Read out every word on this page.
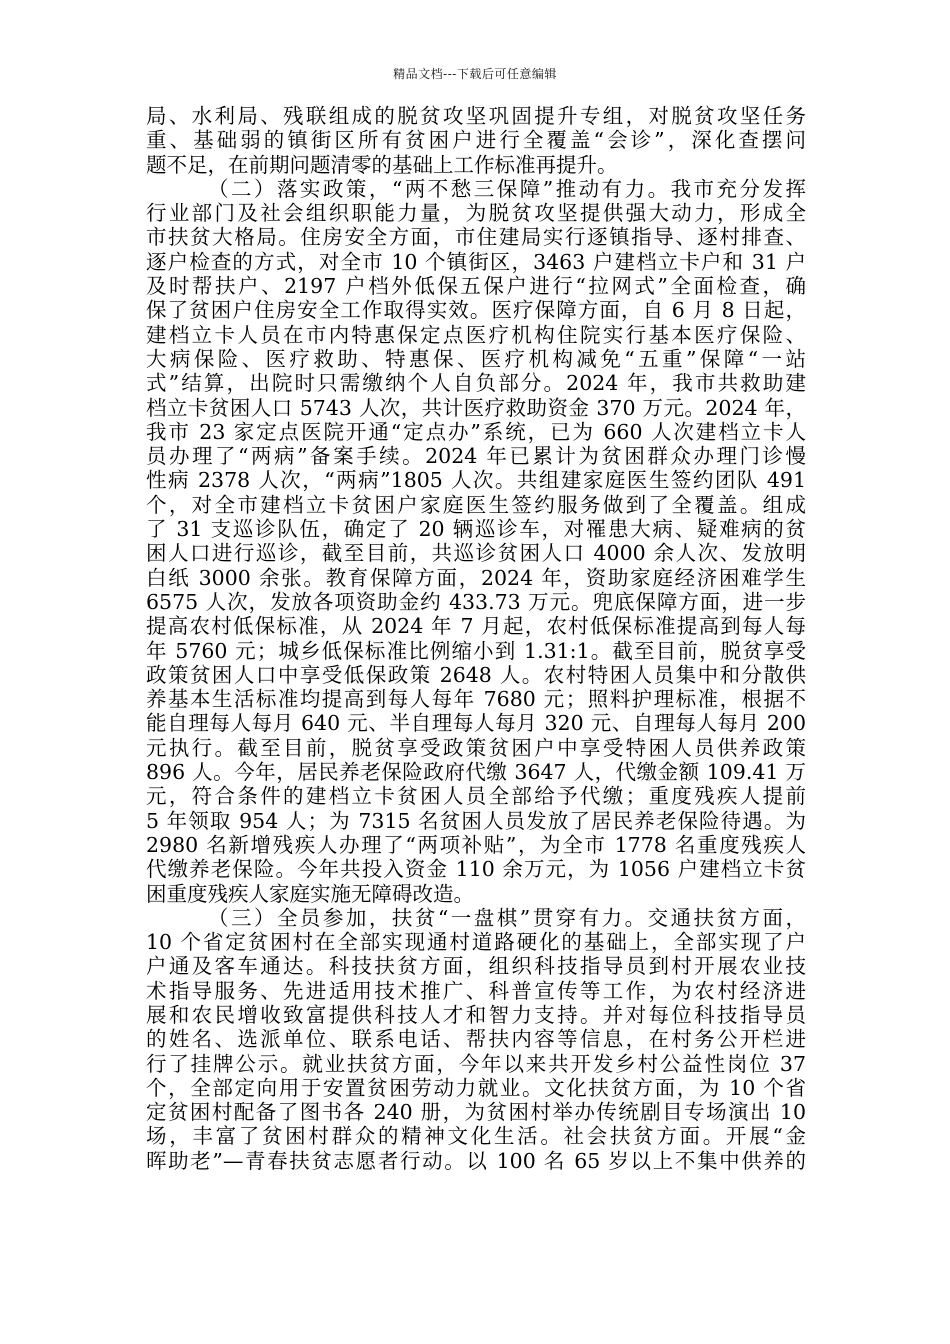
精品文档---下载后可任意编辑
局、水利局、残联组成的脱贫攻坚巩固提升专组，对脱贫攻坚任务
重、基础弱的镇街区所有贫困户进行全覆盖“会诊”，深化查摆问
题不足，在前期问题清零的基础上工作标准再提升。
（二）落实政策，“两不愁三保障”推动有力。我市充分发挥
行业部门及社会组织职能力量，为脱贫攻坚提供强大动力，形成全
市扶贫大格局。住房安全方面，市住建局实行逐镇指导、逐村排查、
逐户检查的方式，对全市 10 个镇街区，3463 户建档立卡户和 31 户
及时帮扶户、2197 户档外低保五保户进行“拉网式”全面检查，确
保了贫困户住房安全工作取得实效。医疗保障方面，自 6 月 8 日起，
建档立卡人员在市内特惠保定点医疗机构住院实行基本医疗保险、
大病保险、医疗救助、特惠保、医疗机构减免“五重”保障“一站
式”结算，出院时只需缴纳个人自负部分。2024 年，我市共救助建
档立卡贫困人口 5743 人次，共计医疗救助资金 370 万元。2024 年，
我市 23 家定点医院开通“定点办”系统，已为 660 人次建档立卡人
员办理了“两病”备案手续。2024 年已累计为贫困群众办理门诊慢
性病 2378 人次，“两病”1805 人次。共组建家庭医生签约团队 491
个，对全市建档立卡贫困户家庭医生签约服务做到了全覆盖。组成
了 31 支巡诊队伍，确定了 20 辆巡诊车，对罹患大病、疑难病的贫
困人口进行巡诊，截至目前，共巡诊贫困人口 4000 余人次、发放明
白纸 3000 余张。教育保障方面，2024 年，资助家庭经济困难学生
6575 人次，发放各项资助金约 433.73 万元。兜底保障方面，进一步
提高农村低保标准，从 2024 年 7 月起，农村低保标准提高到每人每
年 5760 元；城乡低保标准比例缩小到 1.31:1。截至目前，脱贫享受
政策贫困人口中享受低保政策 2648 人。农村特困人员集中和分散供
养基本生活标准均提高到每人每年 7680 元；照料护理标准，根据不
能自理每人每月 640 元、半自理每人每月 320 元、自理每人每月 200
元执行。截至目前，脱贫享受政策贫困户中享受特困人员供养政策
896 人。今年，居民养老保险政府代缴 3647 人，代缴金额 109.41 万
元，符合条件的建档立卡贫困人员全部给予代缴；重度残疾人提前
5 年领取 954 人；为 7315 名贫困人员发放了居民养老保险待遇。为
2980 名新增残疾人办理了“两项补贴”，为全市 1778 名重度残疾人
代缴养老保险。今年共投入资金 110 余万元，为 1056 户建档立卡贫
困重度残疾人家庭实施无障碍改造。
（三）全员参加，扶贫“一盘棋”贯穿有力。交通扶贫方面，
10 个省定贫困村在全部实现通村道路硬化的基础上，全部实现了户
户通及客车通达。科技扶贫方面，组织科技指导员到村开展农业技
术指导服务、先进适用技术推广、科普宣传等工作，为农村经济进
展和农民增收致富提供科技人才和智力支持。并对每位科技指导员
的姓名、选派单位、联系电话、帮扶内容等信息，在村务公开栏进
行了挂牌公示。就业扶贫方面，今年以来共开发乡村公益性岗位 37
个，全部定向用于安置贫困劳动力就业。文化扶贫方面，为 10 个省
定贫困村配备了图书各 240 册，为贫困村举办传统剧目专场演出 10
场，丰富了贫困村群众的精神文化生活。社会扶贫方面。开展“金
晖助老”—青春扶贫志愿者行动。以 100 名 65 岁以上不集中供养的
